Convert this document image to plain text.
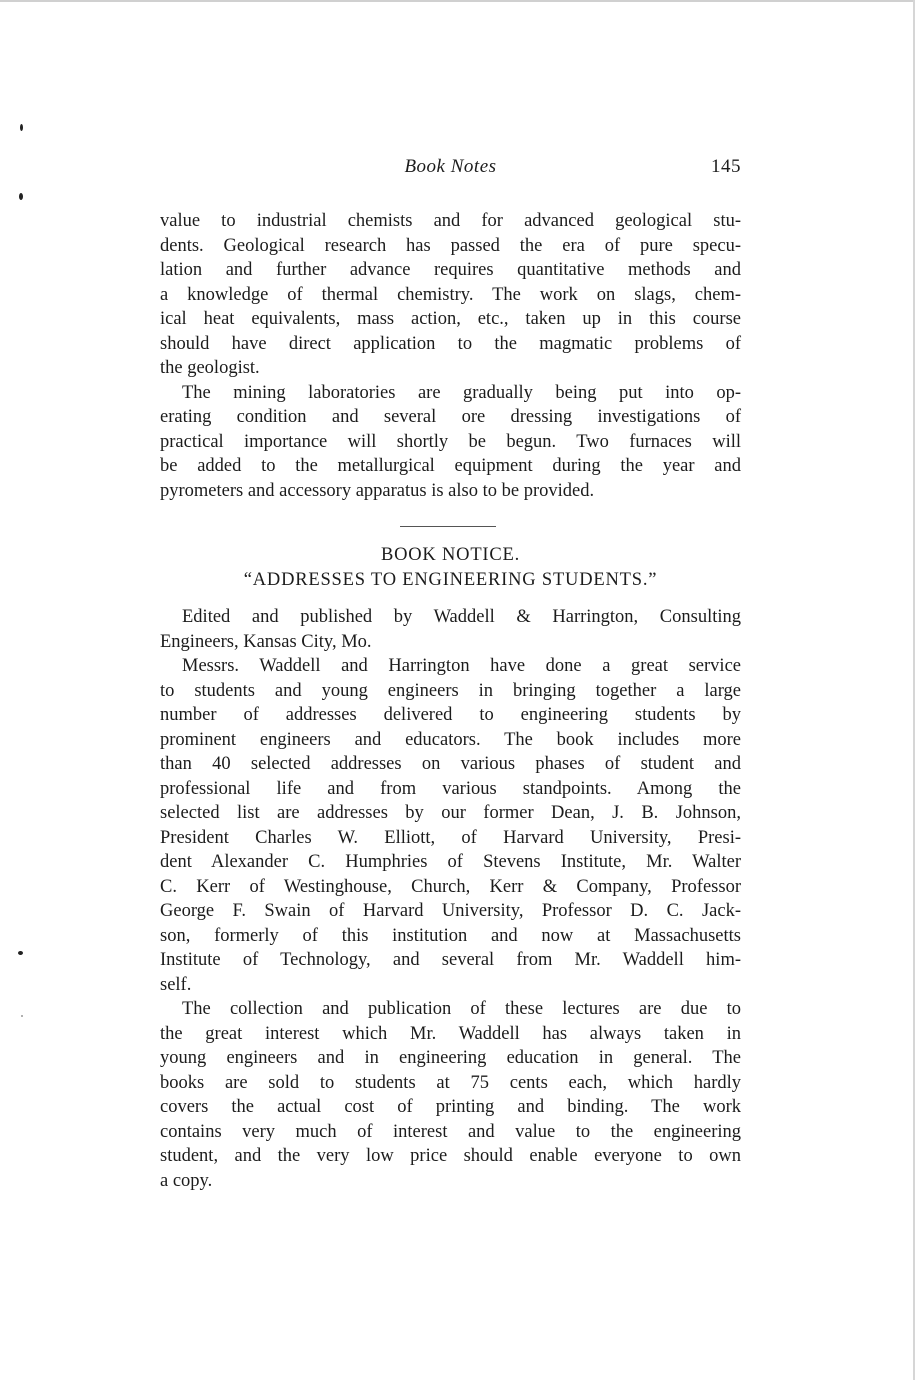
Book Notes	145
value to industrial chemists and for advanced geological stu-
dents. Geological research has passed the era of pure specu-
lation and further advance requires quantitative methods and
a knowledge of thermal chemistry. The work on slags, chem-
ical heat equivalents, mass action, etc., taken up in this course
should have direct application to the magmatic problems of
the geologist.
The mining laboratories are gradually being put into op-
erating condition and several ore dressing investigations of
practical importance will shortly be begun. Two furnaces will
be added to the metallurgical equipment during the year and
pyrometers and accessory apparatus is also to be provided.
BOOK NOTICE.
“ADDRESSES TO ENGINEERING STUDENTS.”
Edited and published by Waddell & Harrington, Consulting
Engineers, Kansas City, Mo.
Messrs. Waddell and Harrington have done a great service
to students and young engineers in bringing together a large
number of addresses delivered to engineering students by
prominent engineers and educators. The book includes more
than 40 selected addresses on various phases of student and
professional life and from various standpoints. Among the
selected list are addresses by our former Dean, J. B. Johnson,
President Charles W. Elliott, of Harvard University, Presi-
dent Alexander C. Humphries of Stevens Institute, Mr. Walter
C. Kerr of Westinghouse, Church, Kerr & Company, Professor
George F. Swain of Harvard University, Professor D. C. Jack-
son, formerly of this institution and now at Massachusetts
Institute of Technology, and several from Mr. Waddell him-
self.
The collection and publication of these lectures are due to
the great interest which Mr. Waddell has always taken in
young engineers and in engineering education in general. The
books are sold to students at 75 cents each, which hardly
covers the actual cost of printing and binding. The work
contains very much of interest and value to the engineering
student, and the very low price should enable everyone to own
a copy.
